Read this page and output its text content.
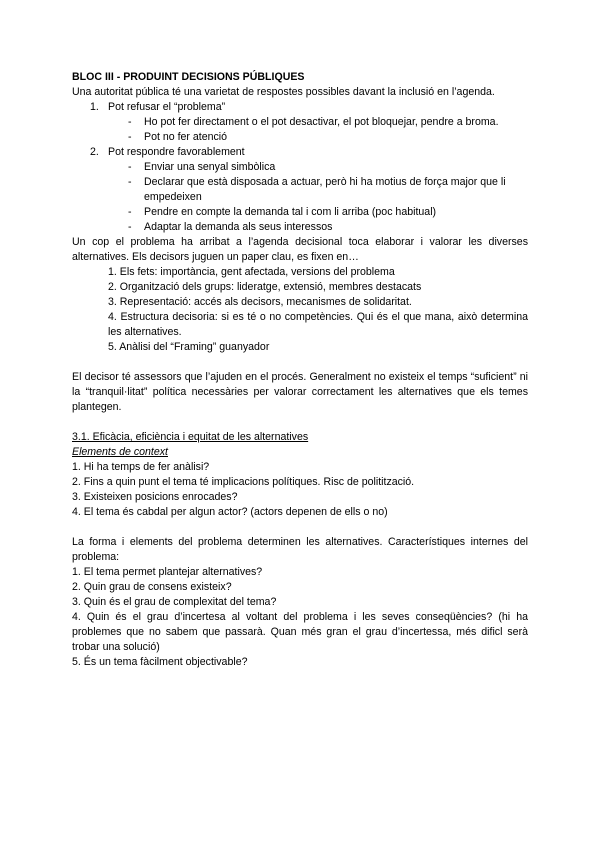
BLOC III - PRODUINT DECISIONS PÚBLIQUES

Una autoritat pública té una varietat de respostes possibles davant la inclusió en l’agenda.

1. Pot refusar el “problema”
- Ho pot fer directament o el pot desactivar, el pot bloquejar, pendre a broma.
- Pot no fer atenció
2. Pot respondre favorablement
- Enviar una senyal simbòlica
- Declarar que està disposada a actuar, però hi ha motius de força major que li empedeixen
- Pendre en compte la demanda tal i com li arriba (poc habitual)
- Adaptar la demanda als seus interessos

Un cop el problema ha arribat a l’agenda decisional toca elaborar i valorar les diverses alternatives. Els decisors juguen un paper clau, es fixen en…

1. Els fets: importància, gent afectada, versions del problema

2. Organització dels grups: lideratge, extensió, membres destacats

3. Representació: accés als decisors, mecanismes de solidaritat.

4. Estructura decisoria: si es té o no competències. Qui és el que mana, això determina les alternatives.

5. Anàlisi del “Framing” guanyador

El decisor té assessors que l’ajuden en el procés. Generalment no existeix el temps “suficient” ni la “tranquil·litat” política necessàries per valorar correctament les alternatives que els temes plantegen.

3.1. Eficàcia, eficiència i equitat de les alternatives

Elements de context

1. Hi ha temps de fer anàlisi?

2. Fins a quin punt el tema té implicacions polítiques. Risc de politització.

3. Existeixen posicions enrocades?

4. El tema és cabdal per algun actor? (actors depenen de ells o no)

La forma i elements del problema determinen les alternatives. Característiques internes del problema:

1. El tema permet plantejar alternatives?

2. Quin grau de consens existeix?

3. Quin és el grau de complexitat del tema?

4. Quin és el grau d’incertesa al voltant del problema i les seves conseqüències? (hi ha problemes que no sabem que passarà. Quan més gran el grau d’incertessa, més dificl serà trobar una solució)

5. És un tema fàcilment objectivable?
